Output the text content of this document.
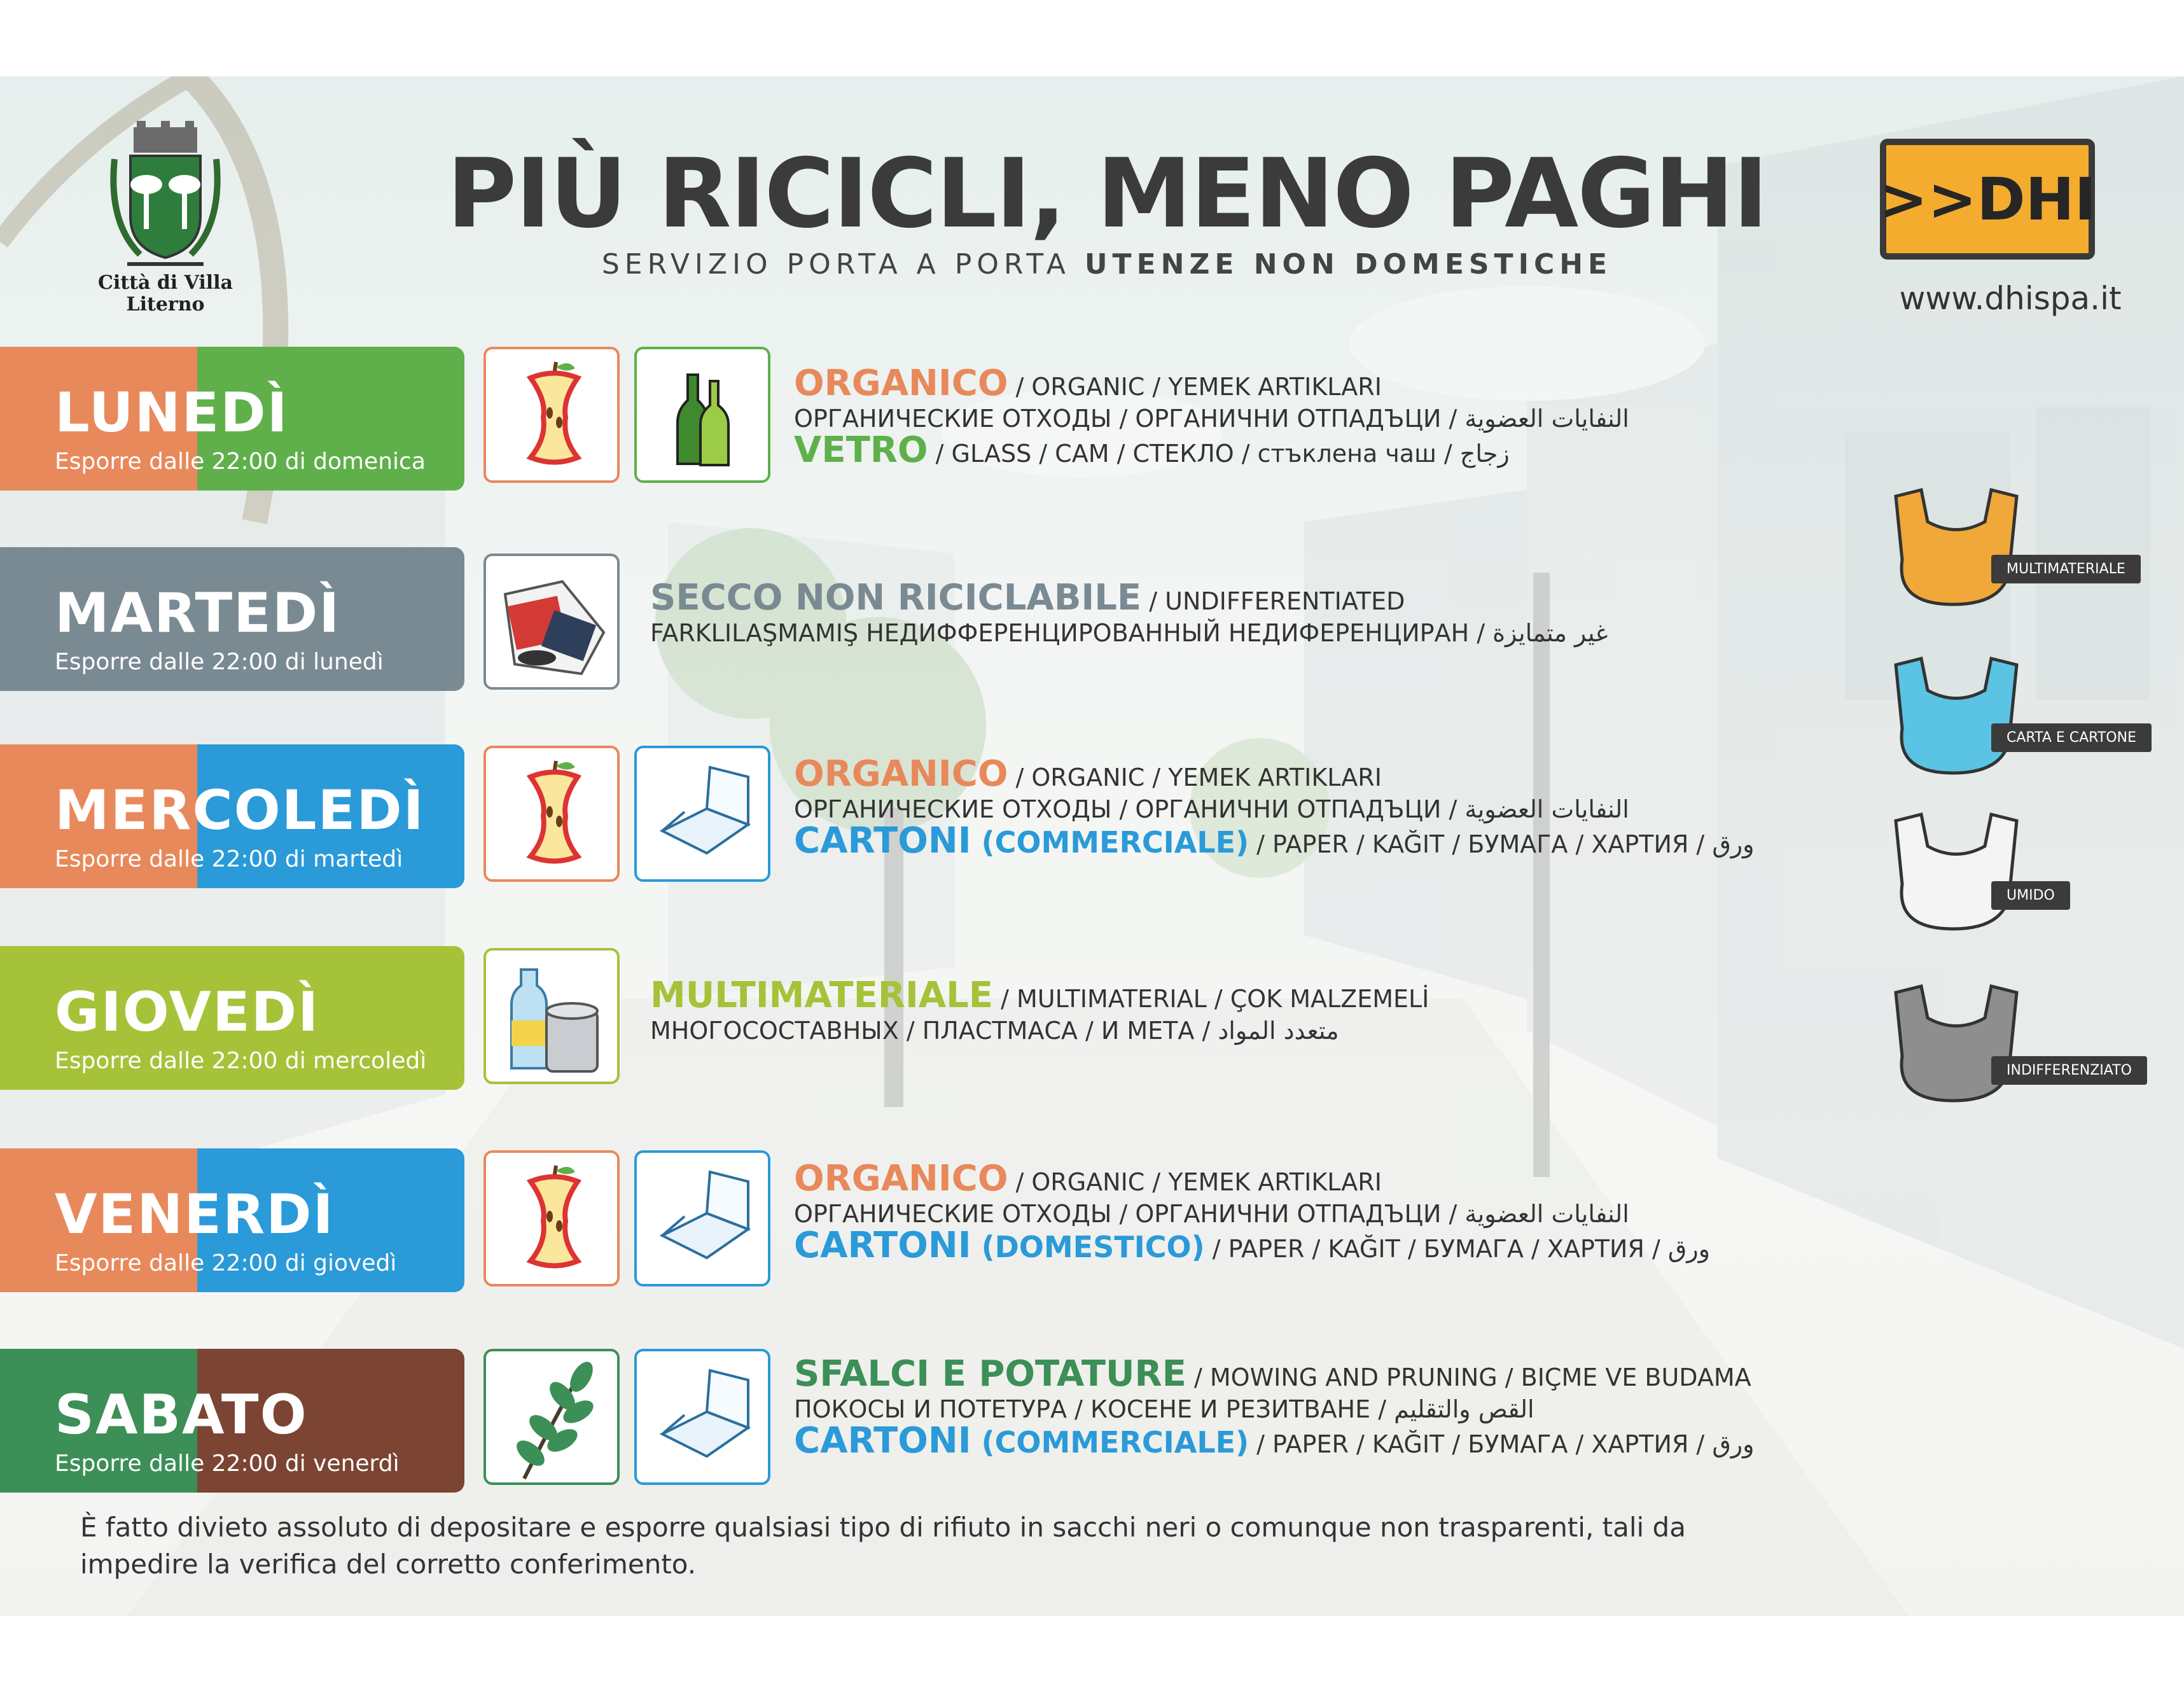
Città di Villa Literno
PIÙ RICICLI, MENO PAGHI
SERVIZIO PORTA A PORTA UTENZE NON DOMESTICHE
>>DHI
www.dhispa.it
LUNEDÌ
Esporre dalle 22:00 di domenica
ORGANICO / ORGANIC / YEMEK ARTIKLARI
ОРГАНИЧЕСКИЕ ОТХОДЫ / ОРГАНИЧНИ ОТПАДЪЦИ / النفايات العضوية
VETRO / GLASS / CAM / СТЕКЛО / стъклена чаш / زجاج
MARTEDÌ
Esporre dalle 22:00 di lunedì
SECCO NON RICICLABILE / UNDIFFERENTIATED
FARKLILAŞMAMIŞ НЕДИФФЕРЕНЦИРОВАННЫЙ НЕДИФЕРЕНЦИРАН / غير متمايزة
MERCOLEDÌ
Esporre dalle 22:00 di martedì
ORGANICO / ORGANIC / YEMEK ARTIKLARI
ОРГАНИЧЕСКИЕ ОТХОДЫ / ОРГАНИЧНИ ОТПАДЪЦИ / النفايات العضوية
CARTONI (COMMERCIALE) / PAPER / KAĞIT / БУМАГА / ХАРТИЯ / ورق
GIOVEDÌ
Esporre dalle 22:00 di mercoledì
MULTIMATERIALE / MULTIMATERIAL / ÇOK MALZEMELİ
МНОГОСОСТАВНЫХ / ПЛАСТМАСА / И МЕТА / متعدد المواد
VENERDÌ
Esporre dalle 22:00 di giovedì
ORGANICO / ORGANIC / YEMEK ARTIKLARI
ОРГАНИЧЕСКИЕ ОТХОДЫ / ОРГАНИЧНИ ОТПАДЪЦИ / النفايات العضوية
CARTONI (DOMESTICO) / PAPER / KAĞIT / БУМАГА / ХАРТИЯ / ورق
SABATO
Esporre dalle 22:00 di venerdì
SFALCI E POTATURE / MOWING AND PRUNING / BIÇME VE BUDAMA
ПОКОСЫ И ПОТЕТУРА / КОСЕНЕ И РЕЗИТВАНЕ / القص والتقليم
CARTONI (COMMERCIALE) / PAPER / KAĞIT / БУМАГА / ХАРТИЯ / ورق
MULTIMATERIALE
CARTA E CARTONE
UMIDO
INDIFFERENZIATO
È fatto divieto assoluto di depositare e esporre qualsiasi tipo di rifiuto in sacchi neri o comunque non trasparenti, tali da impedire la verifica del corretto conferimento.
